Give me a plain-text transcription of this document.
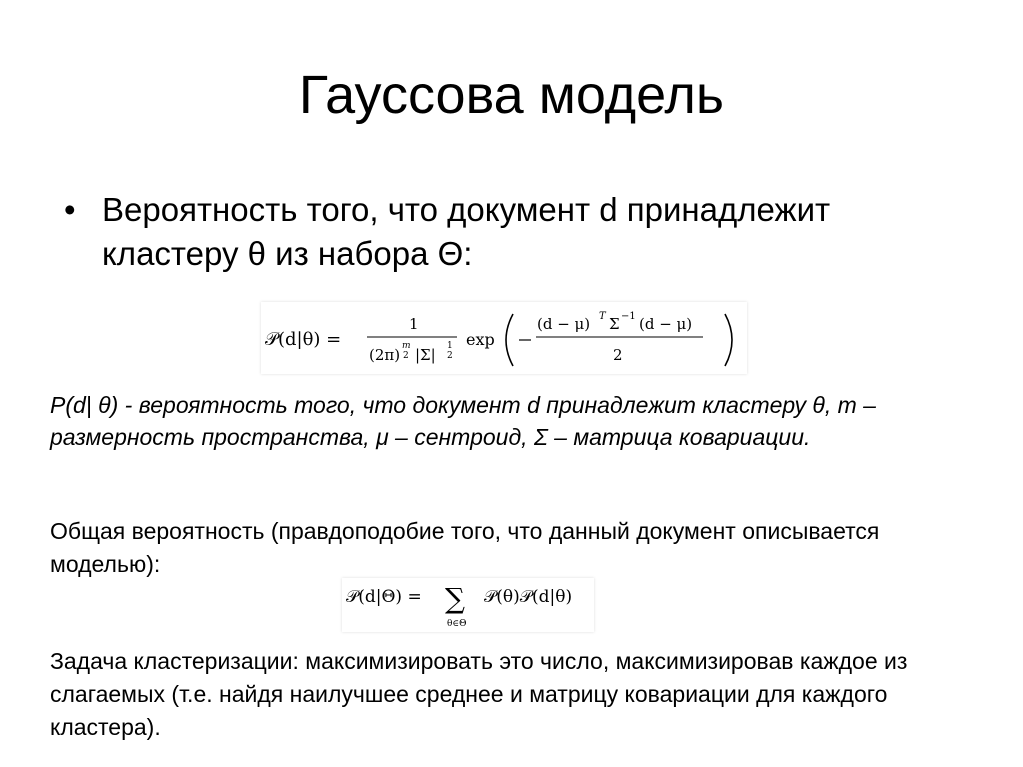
Гауссова модель
• Вероятность того, что документ d принадлежит кластеру θ из набора Θ:
𝒫(d|θ) =
1
(2π) m
2 |Σ| 1
2
exp
(d − μ) T Σ −1 (d − μ)
2
P(d| θ) - вероятность того, что документ d принадлежит кластеру θ, m – размерность пространства, μ – сентроид, Σ – матрица ковариации.
Общая вероятность (правдоподобие того, что данный документ описывается моделью):
𝒫(d|Θ) = ∑
θ∈Θ
𝒫(θ)𝒫(d|θ)
Задача кластеризации: максимизировать это число, максимизировав каждое из слагаемых (т.е. найдя наилучшее среднее и матрицу ковариации для каждого кластера).
